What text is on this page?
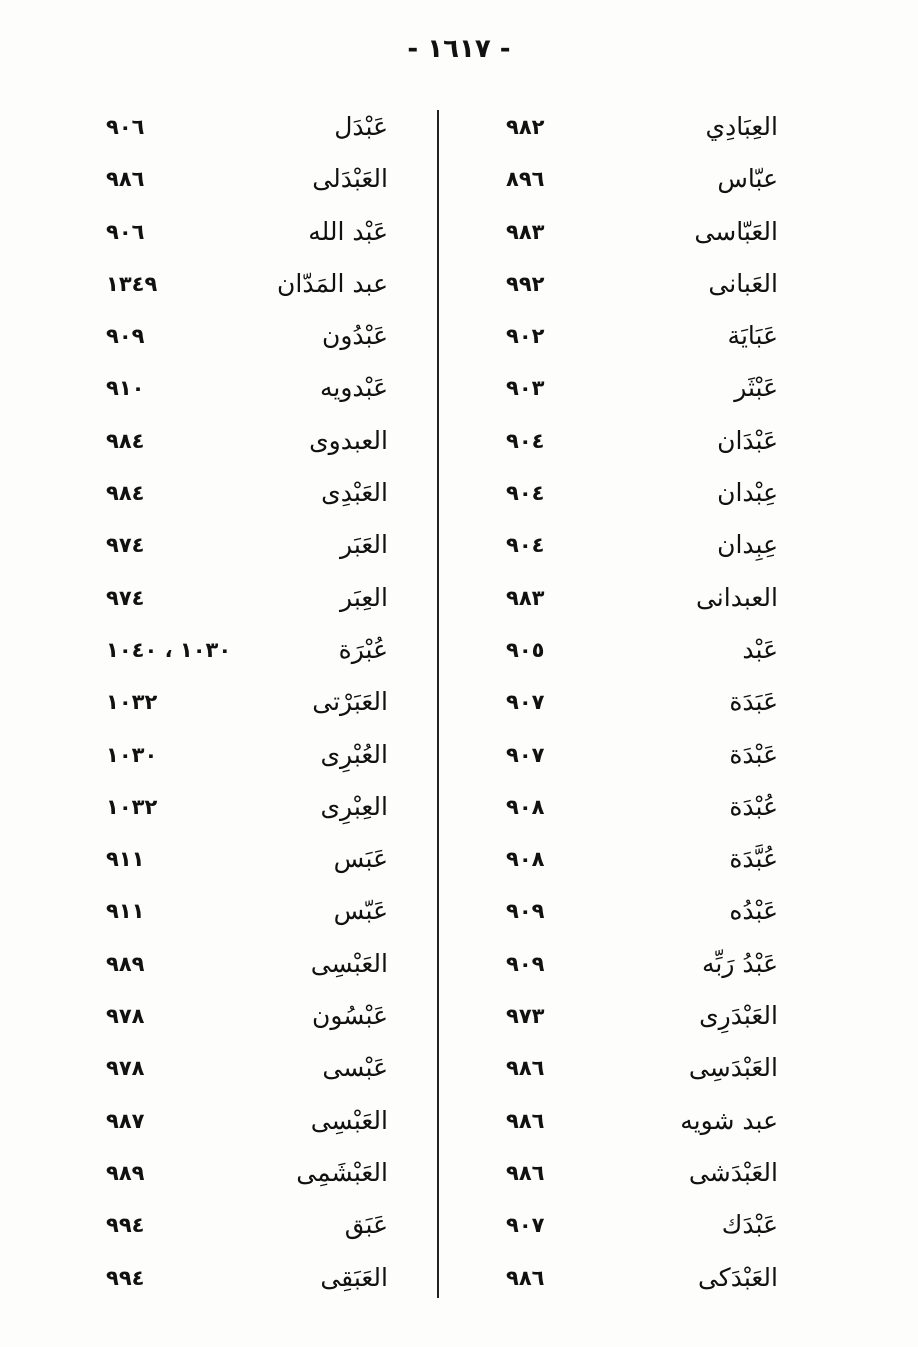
- ١٦١٧ -
العِبَادِي
٩٨٢
عبّاس
٨٩٦
العَبّاسى
٩٨٣
العَبانى
٩٩٢
عَبَايَة
٩٠٢
عَبْثَر
٩٠٣
عَبْدَان
٩٠٤
عِبْدان
٩٠٤
عِبِدان
٩٠٤
العبدانى
٩٨٣
عَبْد
٩٠٥
عَبَدَة
٩٠٧
عَبْدَة
٩٠٧
عُبْدَة
٩٠٨
عُبَّدَة
٩٠٨
عَبْدُه
٩٠٩
عَبْدُ رَبِّه
٩٠٩
العَبْدَرِى
٩٧٣
العَبْدَسِى
٩٨٦
عبد شويه
٩٨٦
العَبْدَشى
٩٨٦
عَبْدَك
٩٠٧
العَبْدَكى
٩٨٦
عَبْدَل
٩٠٦
العَبْدَلى
٩٨٦
عَبْد الله
٩٠٦
عبد المَدّان
١٣٤٩
عَبْدُون
٩٠٩
عَبْدويه
٩١٠
العبدوى
٩٨٤
العَبْدِى
٩٨٤
العَبَر
٩٧٤
العِبَر
٩٧٤
عُبْرَة
١٠٣٠ ، ١٠٤٠
العَبَرْتى
١٠٣٢
العُبْرِى
١٠٣٠
العِبْرِى
١٠٣٢
عَبَس
٩١١
عَبّس
٩١١
العَبْسِى
٩٨٩
عَبْسُون
٩٧٨
عَبْسى
٩٧٨
العَبْسِى
٩٨٧
العَبْشَمِى
٩٨٩
عَبَق
٩٩٤
العَبَقِى
٩٩٤
